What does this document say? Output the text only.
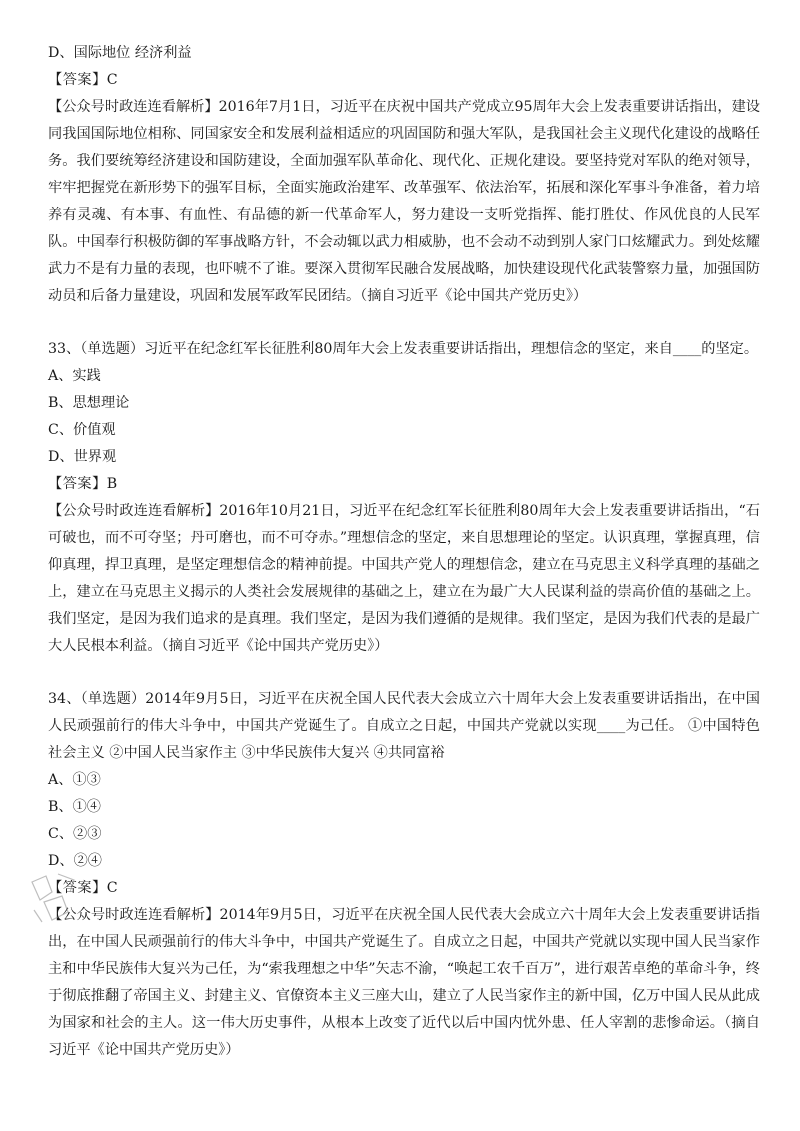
D、国际地位 经济利益
【答案】C
【公众号时政连连看解析】2016年7月1日，习近平在庆祝中国共产党成立95周年大会上发表重要讲话指出，建设同我国国际地位相称、同国家安全和发展利益相适应的巩固国防和强大军队，是我国社会主义现代化建设的战略任务。我们要统筹经济建设和国防建设，全面加强军队革命化、现代化、正规化建设。要坚持党对军队的绝对领导，牢牢把握党在新形势下的强军目标，全面实施政治建军、改革强军、依法治军，拓展和深化军事斗争准备，着力培养有灵魂、有本事、有血性、有品德的新一代革命军人，努力建设一支听党指挥、能打胜仗、作风优良的人民军队。中国奉行积极防御的军事战略方针，不会动辄以武力相威胁，也不会动不动到别人家门口炫耀武力。到处炫耀武力不是有力量的表现，也吓唬不了谁。要深入贯彻军民融合发展战略，加快建设现代化武装警察力量，加强国防动员和后备力量建设，巩固和发展军政军民团结。（摘自习近平《论中国共产党历史》）
33、（单选题）习近平在纪念红军长征胜利80周年大会上发表重要讲话指出，理想信念的坚定，来自____的坚定。
A、实践
B、思想理论
C、价值观
D、世界观
【答案】B
【公众号时政连连看解析】2016年10月21日，习近平在纪念红军长征胜利80周年大会上发表重要讲话指出，“石可破也，而不可夺坚；丹可磨也，而不可夺赤。”理想信念的坚定，来自思想理论的坚定。认识真理，掌握真理，信仰真理，捍卫真理，是坚定理想信念的精神前提。中国共产党人的理想信念，建立在马克思主义科学真理的基础之上，建立在马克思主义揭示的人类社会发展规律的基础之上，建立在为最广大人民谋利益的崇高价值的基础之上。我们坚定，是因为我们追求的是真理。我们坚定，是因为我们遵循的是规律。我们坚定，是因为我们代表的是最广大人民根本利益。（摘自习近平《论中国共产党历史》）
34、（单选题）2014年9月5日，习近平在庆祝全国人民代表大会成立六十周年大会上发表重要讲话指出，在中国人民顽强前行的伟大斗争中，中国共产党诞生了。自成立之日起，中国共产党就以实现____为己任。 ①中国特色社会主义 ②中国人民当家作主 ③中华民族伟大复兴 ④共同富裕
A、①③
B、①④
C、②③
D、②④
【答案】C
【公众号时政连连看解析】2014年9月5日，习近平在庆祝全国人民代表大会成立六十周年大会上发表重要讲话指出，在中国人民顽强前行的伟大斗争中，中国共产党诞生了。自成立之日起，中国共产党就以实现中国人民当家作主和中华民族伟大复兴为己任，为“索我理想之中华”矢志不渝，“唤起工农千百万”，进行艰苦卓绝的革命斗争，终于彻底推翻了帝国主义、封建主义、官僚资本主义三座大山，建立了人民当家作主的新中国，亿万中国人民从此成为国家和社会的主人。这一伟大历史事件，从根本上改变了近代以后中国内忧外患、任人宰割的悲惨命运。（摘自习近平《论中国共产党历史》）
